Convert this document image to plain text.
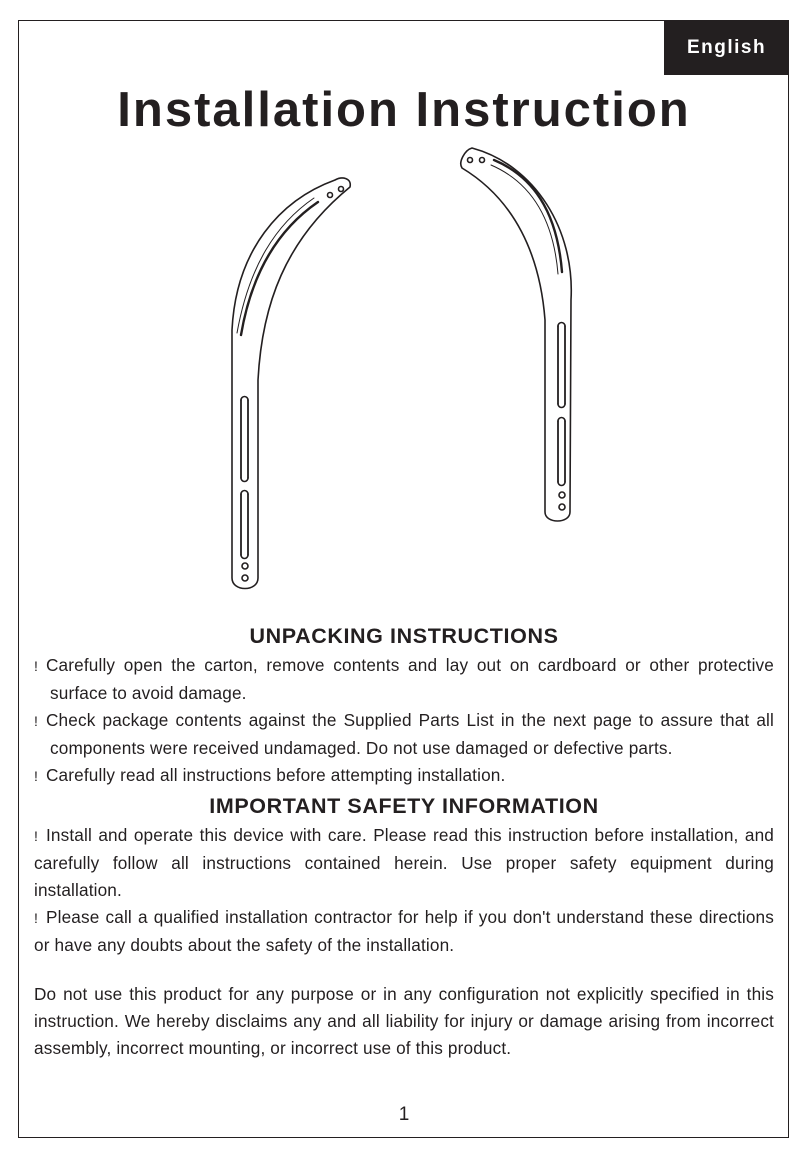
English
Installation Instruction
UNPACKING INSTRUCTIONS

! Carefully open the carton, remove contents and lay out on cardboard or other protective surface to avoid damage.

! Check package contents against the Supplied Parts List in the next page to assure that all components were received undamaged. Do not use damaged or defective parts.

! Carefully read all instructions before attempting installation.

IMPORTANT SAFETY INFORMATION

! Install and operate this device with care. Please read this instruction before installation, and carefully follow all instructions contained herein. Use proper safety equipment during installation.

! Please call a qualified installation contractor for help if you don't understand these directions or have any doubts about the safety of the installation.

Do not use this product for any purpose or in any configuration not explicitly specified in this instruction. We hereby disclaims any and all liability for injury or damage arising from incorrect assembly, incorrect mounting, or incorrect use of this product.

1
